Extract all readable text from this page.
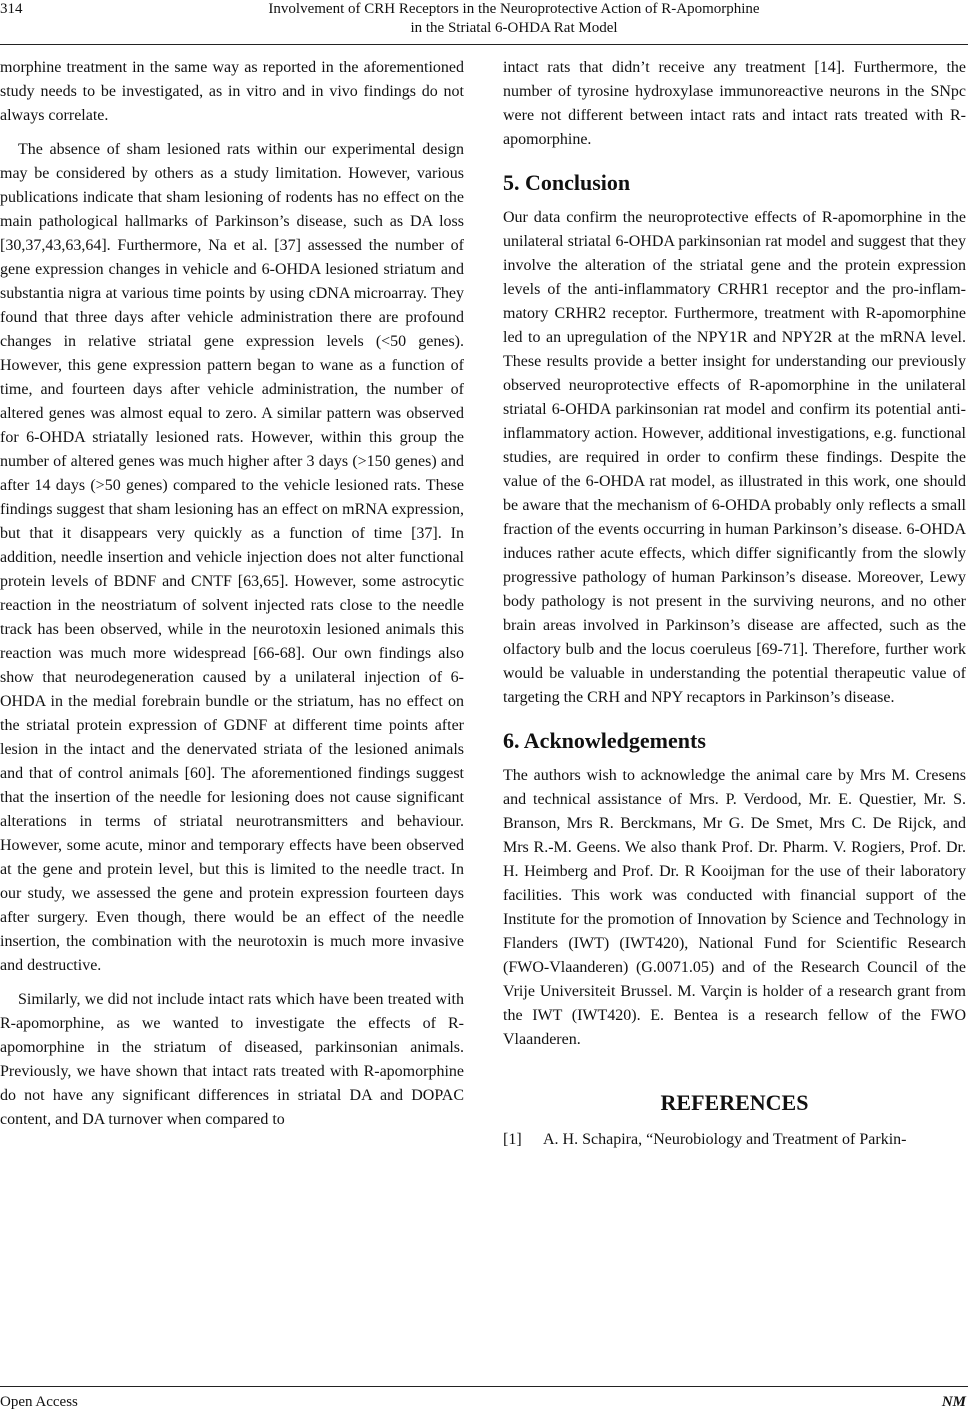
314	Involvement of CRH Receptors in the Neuroprotective Action of R-Apomorphine
in the Striatal 6-OHDA Rat Model

morphine treatment in the same way as reported in the aforementioned study needs to be investigated, as in vitro and in vivo findings do not always correlate.

The absence of sham lesioned rats within our experimental design may be considered by others as a study limitation. However, various publications indicate that sham lesioning of rodents has no effect on the main pathological hallmarks of Parkinson’s disease, such as DA loss [30,37,43,63,64]. Furthermore, Na et al. [37] assessed the number of gene expression changes in vehicle and 6-OHDA lesioned striatum and substantia nigra at various time points by using cDNA microarray. They found that three days after vehicle administration there are profound changes in relative striatal gene expression levels (<50 genes). However, this gene expression pattern began to wane as a function of time, and fourteen days after vehicle administration, the number of altered genes was almost equal to zero. A similar pattern was observed for 6-OHDA striatally lesioned rats. However, within this group the number of altered genes was much higher after 3 days (>150 genes) and after 14 days (>50 genes) compared to the vehicle lesioned rats. These findings suggest that sham lesioning has an effect on mRNA expression, but that it disappears very quickly as a function of time [37]. In addition, needle insertion and vehicle injection does not alter functional protein levels of BDNF and CNTF [63,65]. However, some astrocytic reaction in the neostriatum of solvent injected rats close to the needle track has been observed, while in the neurotoxin lesioned animals this reaction was much more widespread [66-68]. Our own findings also show that neurodegeneration caused by a unilateral injection of 6-OHDA in the medial forebrain bundle or the striatum, has no effect on the striatal protein expression of GDNF at different time points after lesion in the intact and the denervated striata of the lesioned animals and that of control animals [60]. The aforementioned findings suggest that the insertion of the needle for lesioning does not cause significant alterations in terms of striatal neurotransmitters and behaviour. However, some acute, minor and temporary effects have been observed at the gene and protein level, but this is limited to the needle tract. In our study, we assessed the gene and protein expression fourteen days after surgery. Even though, there would be an effect of the needle insertion, the combination with the neurotoxin is much more invasive and destructive.

Similarly, we did not include intact rats which have been treated with R-apomorphine, as we wanted to investigate the effects of R-apomorphine in the striatum of diseased, parkinsonian animals. Previously, we have shown that intact rats treated with R-apomorphine do not have any significant differences in striatal DA and DOPAC content, and DA turnover when compared to

intact rats that didn’t receive any treatment [14]. Furthermore, the number of tyrosine hydroxylase immunoreactive neurons in the SNpc were not different between intact rats and intact rats treated with R-apomorphine.

5. Conclusion

Our data confirm the neuroprotective effects of R-apomorphine in the unilateral striatal 6-OHDA parkinsonian rat model and suggest that they involve the alteration of the striatal gene and the protein expression levels of the anti-inflammatory CRHR1 receptor and the pro-inflammatory CRHR2 receptor. Furthermore, treatment with R-apomorphine led to an upregulation of the NPY1R and NPY2R at the mRNA level. These results provide a better insight for understanding our previously observed neuroprotective effects of R-apomorphine in the unilateral striatal 6-OHDA parkinsonian rat model and confirm its potential anti-inflammatory action. However, additional investigations, e.g. functional studies, are required in order to confirm these findings. Despite the value of the 6-OHDA rat model, as illustrated in this work, one should be aware that the mechanism of 6-OHDA probably only reflects a small fraction of the events occurring in human Parkinson’s disease. 6-OHDA induces rather acute effects, which differ significantly from the slowly progressive pathology of human Parkinson’s disease. Moreover, Lewy body pathology is not present in the surviving neurons, and no other brain areas involved in Parkinson’s disease are affected, such as the olfactory bulb and the locus coeruleus [69-71]. Therefore, further work would be valuable in understanding the potential therapeutic value of targeting the CRH and NPY recaptors in Parkinson’s disease.

6. Acknowledgements

The authors wish to acknowledge the animal care by Mrs M. Cresens and technical assistance of Mrs. P. Verdood, Mr. E. Questier, Mr. S. Branson, Mrs R. Berckmans, Mr G. De Smet, Mrs C. De Rijck, and Mrs R.-M. Geens. We also thank Prof. Dr. Pharm. V. Rogiers, Prof. Dr. H. Heimberg and Prof. Dr. R Kooijman for the use of their laboratory facilities. This work was conducted with financial support of the Institute for the promotion of Innovation by Science and Technology in Flanders (IWT) (IWT420), National Fund for Scientific Research (FWO-Vlaanderen) (G.0071.05) and of the Research Council of the Vrije Universiteit Brussel. M. Varçin is holder of a research grant from the IWT (IWT420). E. Bentea is a research fellow of the FWO Vlaanderen.

REFERENCES
[1]	A. H. Schapira, “Neurobiology and Treatment of Parkin-
Open Access	NM
